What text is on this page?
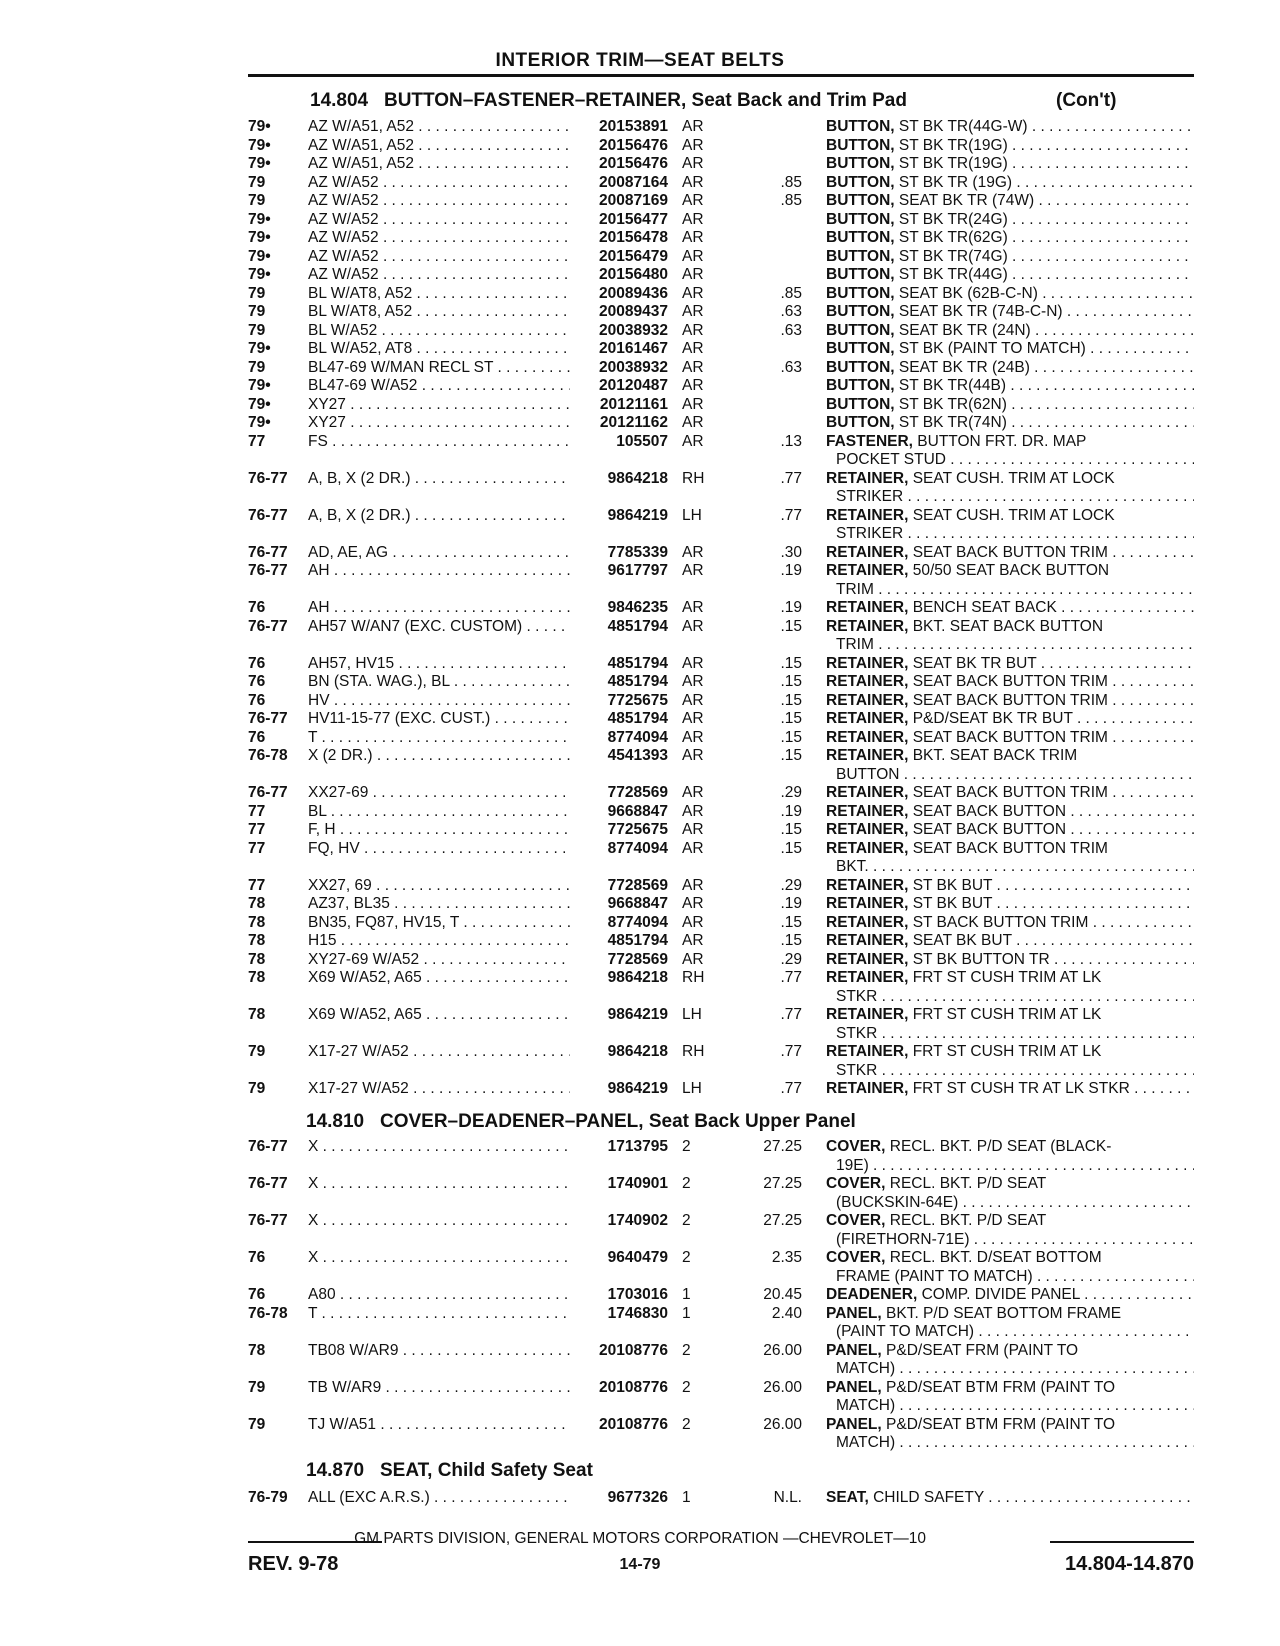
INTERIOR TRIM—SEAT BELTS
14.804 BUTTON–FASTENER–RETAINER, Seat Back and Trim Pad	(Con't)
79•	AZ W/A51, A52 . . .	20153891 AR	BUTTON, ST BK TR(44G-W) . . .
79•	AZ W/A51, A52 . . .	20156476 AR	BUTTON, ST BK TR(19G) . . .
79•	AZ W/A51, A52 . . .	20156476 AR	BUTTON, ST BK TR(19G) . . .
79	AZ W/A52 . . .	20087164 AR	.85 BUTTON, ST BK TR (19G) . . .
79	AZ W/A52 . . .	20087169 AR	.85 BUTTON, SEAT BK TR (74W) . . .
79•	AZ W/A52 . . .	20156477 AR	BUTTON, ST BK TR(24G) . . .
79•	AZ W/A52 . . .	20156478 AR	BUTTON, ST BK TR(62G) . . .
79•	AZ W/A52 . . .	20156479 AR	BUTTON, ST BK TR(74G) . . .
79•	AZ W/A52 . . .	20156480 AR	BUTTON, ST BK TR(44G) . . .
79	BL W/AT8, A52 . . .	20089436 AR	.85 BUTTON, SEAT BK (62B-C-N) . . .
79	BL W/AT8, A52 . . .	20089437 AR	.63 BUTTON, SEAT BK TR (74B-C-N) . . .
79	BL W/A52 . . .	20038932 AR	.63 BUTTON, SEAT BK TR (24N) . . .
79•	BL W/A52, AT8 . . .	20161467 AR	BUTTON, ST BK (PAINT TO MATCH) . . .
79	BL47-69 W/MAN RECL ST . . .	20038932 AR	.63 BUTTON, SEAT BK TR (24B) . . .
79•	BL47-69 W/A52 . . .	20120487 AR	BUTTON, ST BK TR(44B) . . .
79•	XY27 . . .	20121161 AR	BUTTON, ST BK TR(62N) . . .
79•	XY27 . . .	20121162 AR	BUTTON, ST BK TR(74N) . . .
77	FS . . .	105507 AR	.13 FASTENER, BUTTON FRT. DR. MAP
POCKET STUD . . .
76-77	A, B, X (2 DR.) . . .	9864218 RH	.77 RETAINER, SEAT CUSH. TRIM AT LOCK
STRIKER . . .
76-77	A, B, X (2 DR.) . . .	9864219 LH	.77 RETAINER, SEAT CUSH. TRIM AT LOCK
STRIKER . . .
76-77	AD, AE, AG . . .	7785339 AR	.30 RETAINER, SEAT BACK BUTTON TRIM . . .
76-77	AH . . .	9617797 AR	.19 RETAINER, 50/50 SEAT BACK BUTTON
TRIM . . .
76	AH . . .	9846235 AR	.19 RETAINER, BENCH SEAT BACK . . .
76-77	AH57 W/AN7 (EXC. CUSTOM) . . .	4851794 AR	.15 RETAINER, BKT. SEAT BACK BUTTON
TRIM . . .
76	AH57, HV15 . . .	4851794 AR	.15 RETAINER, SEAT BK TR BUT . . .
76	BN (STA. WAG.), BL . . .	4851794 AR	.15 RETAINER, SEAT BACK BUTTON TRIM . . .
76	HV . . .	7725675 AR	.15 RETAINER, SEAT BACK BUTTON TRIM . . .
76-77	HV11-15-77 (EXC. CUST.) . . .	4851794 AR	.15 RETAINER, P&D/SEAT BK TR BUT . . .
76	T . . .	8774094 AR	.15 RETAINER, SEAT BACK BUTTON TRIM . . .
76-78	X (2 DR.) . . .	4541393 AR	.15 RETAINER, BKT. SEAT BACK TRIM
BUTTON . . .
76-77	XX27-69 . . .	7728569 AR	.29 RETAINER, SEAT BACK BUTTON TRIM . . .
77	BL . . .	9668847 AR	.19 RETAINER, SEAT BACK BUTTON . . .
77	F, H . . .	7725675 AR	.15 RETAINER, SEAT BACK BUTTON . . .
77	FQ, HV . . .	8774094 AR	.15 RETAINER, SEAT BACK BUTTON TRIM
BKT. . . .
77	XX27, 69 . . .	7728569 AR	.29 RETAINER, ST BK BUT . . .
78	AZ37, BL35 . . .	9668847 AR	.19 RETAINER, ST BK BUT . . .
78	BN35, FQ87, HV15, T . . .	8774094 AR	.15 RETAINER, ST BACK BUTTON TRIM . . .
78	H15 . . .	4851794 AR	.15 RETAINER, SEAT BK BUT . . .
78	XY27-69 W/A52 . . .	7728569 AR	.29 RETAINER, ST BK BUTTON TR . . .
78	X69 W/A52, A65 . . .	9864218 RH	.77 RETAINER, FRT ST CUSH TRIM AT LK
STKR . . .
78	X69 W/A52, A65 . . .	9864219 LH	.77 RETAINER, FRT ST CUSH TRIM AT LK
STKR . . .
79	X17-27 W/A52 . . .	9864218 RH	.77 RETAINER, FRT ST CUSH TRIM AT LK
STKR . . .
79	X17-27 W/A52 . . .	9864219 LH	.77 RETAINER, FRT ST CUSH TR AT LK STKR . . .
14.810 COVER–DEADENER–PANEL, Seat Back Upper Panel
76-77	X . . .	1713795 2	27.25 COVER, RECL. BKT. P/D SEAT (BLACK-
19E) . . .
76-77	X . . .	1740901 2	27.25 COVER, RECL. BKT. P/D SEAT
(BUCKSKIN-64E) . . .
76-77	X . . .	1740902 2	27.25 COVER, RECL. BKT. P/D SEAT
(FIRETHORN-71E) . . .
76	X . . .	9640479 2	2.35 COVER, RECL. BKT. D/SEAT BOTTOM
FRAME (PAINT TO MATCH) . . .
76	A80 . . .	1703016 1	20.45 DEADENER, COMP. DIVIDE PANEL . . .
76-78	T . . .	1746830 1	2.40 PANEL, BKT. P/D SEAT BOTTOM FRAME
(PAINT TO MATCH) . . .
78	TB08 W/AR9 . . .	20108776 2	26.00 PANEL, P&D/SEAT FRM (PAINT TO
MATCH) . . .
79	TB W/AR9 . . .	20108776 2	26.00 PANEL, P&D/SEAT BTM FRM (PAINT TO
MATCH) . . .
79	TJ W/A51 . . .	20108776 2	26.00 PANEL, P&D/SEAT BTM FRM (PAINT TO
MATCH) . . .
14.870 SEAT, Child Safety Seat
76-79	ALL (EXC A.R.S.) . . .	9677326 1	N.L. SEAT, CHILD SAFETY . . .
GM PARTS DIVISION, GENERAL MOTORS CORPORATION —CHEVROLET—10
REV. 9-78	14-79	14.804-14.870
